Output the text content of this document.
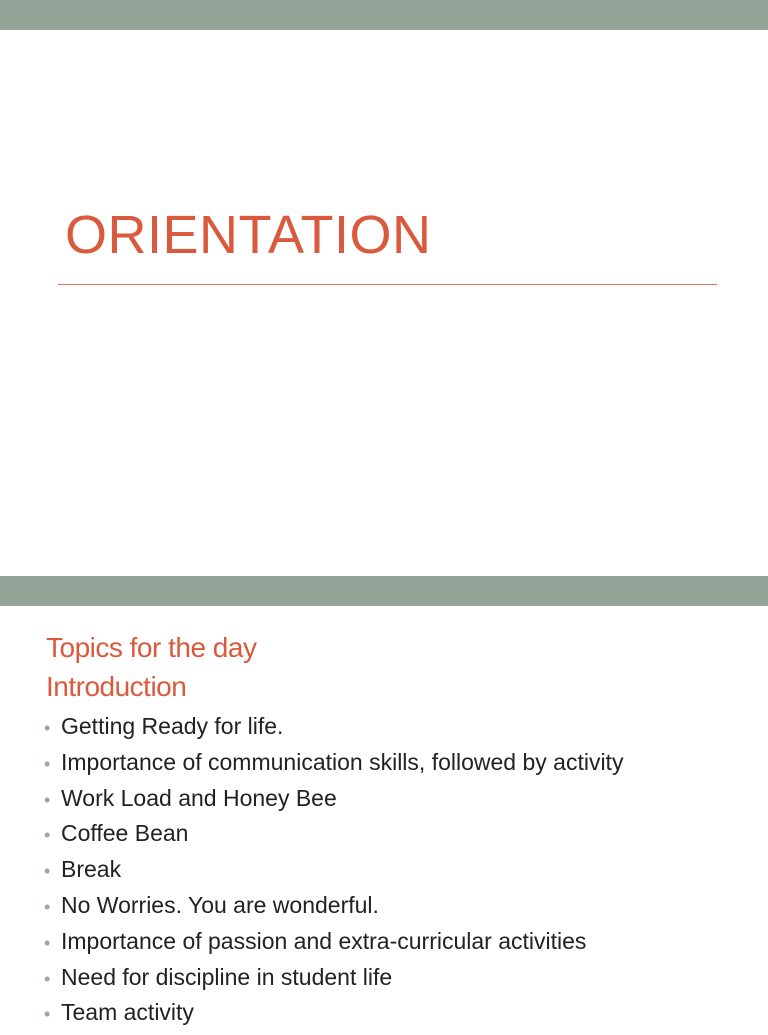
ORIENTATION
Topics for the day
Introduction
• Getting Ready for life.
• Importance of communication skills, followed by activity
• Work Load and Honey Bee
• Coffee Bean
• Break
• No Worries. You are wonderful.
• Importance of passion and extra-curricular activities
• Need for discipline in student life
• Team activity
